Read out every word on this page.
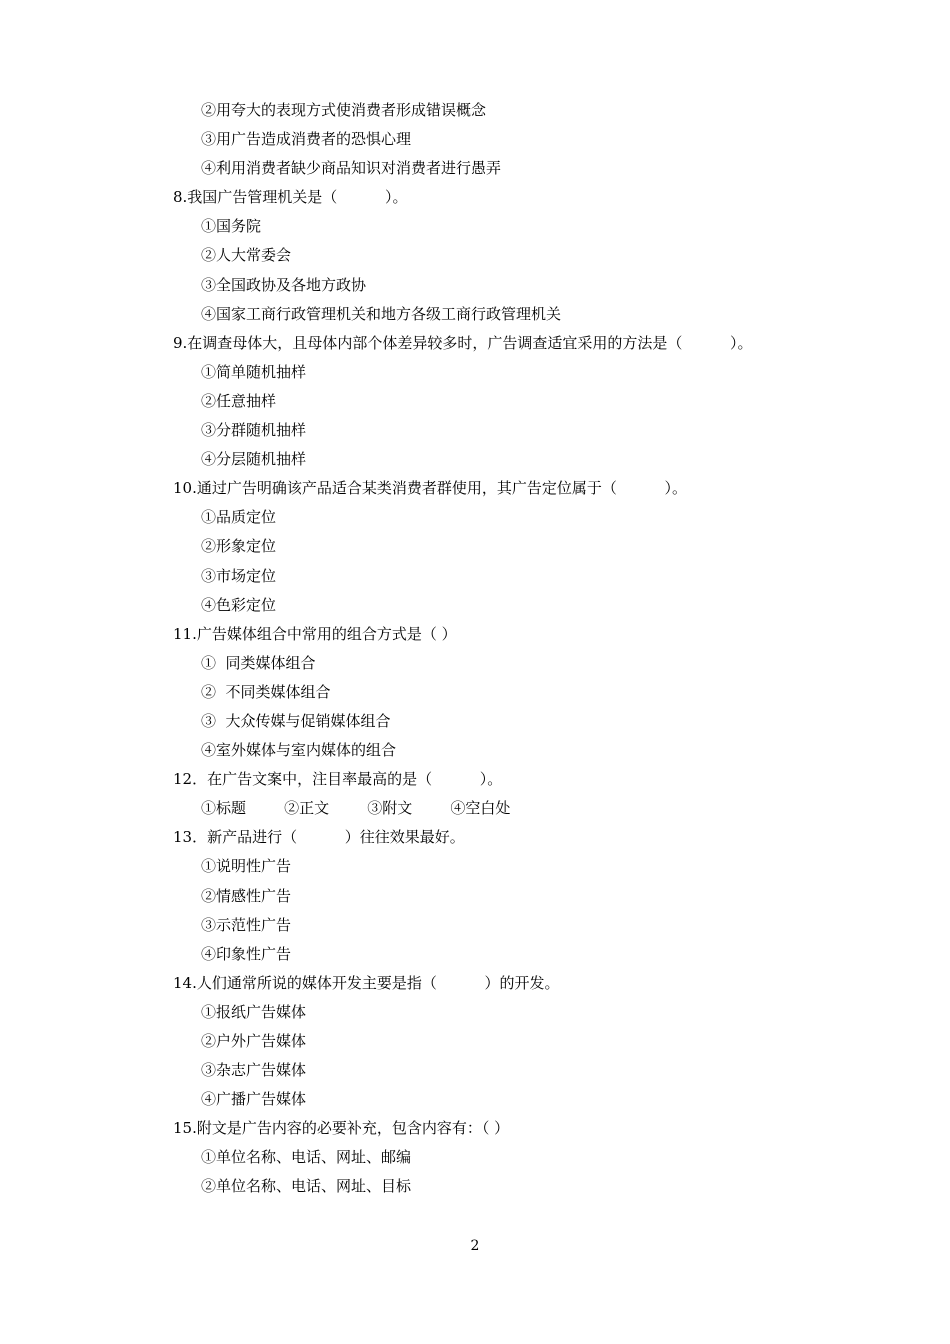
②用夸大的表现方式使消费者形成错误概念
③用广告造成消费者的恐惧心理
④利用消费者缺少商品知识对消费者进行愚弄
8.我国广告管理机关是（          ）。
①国务院
②人大常委会
③全国政协及各地方政协
④国家工商行政管理机关和地方各级工商行政管理机关
9.在调查母体大，且母体内部个体差异较多时，广告调查适宜采用的方法是（          ）。
①简单随机抽样
②任意抽样
③分群随机抽样
④分层随机抽样
10.通过广告明确该产品适合某类消费者群使用，其广告定位属于（          ）。
①品质定位
②形象定位
③市场定位
④色彩定位
11.广告媒体组合中常用的组合方式是（ ）
①  同类媒体组合
②  不同类媒体组合
③  大众传媒与促销媒体组合
④室外媒体与室内媒体的组合
12．在广告文案中，注目率最高的是（          ）。
①标题        ②正文        ③附文        ④空白处
13．新产品进行（          ）往往效果最好。
①说明性广告
②情感性广告
③示范性广告
④印象性广告
14.人们通常所说的媒体开发主要是指（          ）的开发。
①报纸广告媒体
②户外广告媒体
③杂志广告媒体
④广播广告媒体
15.附文是广告内容的必要补充，包含内容有：（ ）
①单位名称、电话、网址、邮编
②单位名称、电话、网址、目标
2
